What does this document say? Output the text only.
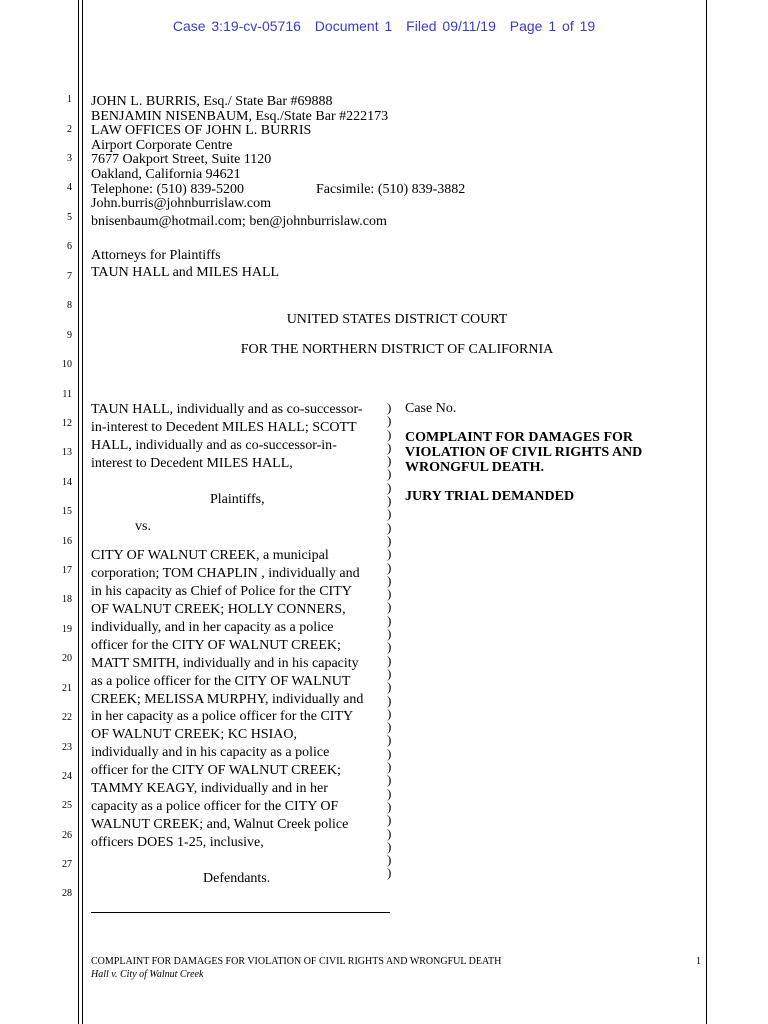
Case 3:19-cv-05716 Document 1 Filed 09/11/19 Page 1 of 19
1
2
3
4
5
6
7
8
9
10
11
12
13
14
15
16
17
18
19
20
21
22
23
24
25
26
27
28
JOHN L. BURRIS, Esq./ State Bar #69888
BENJAMIN NISENBAUM, Esq./State Bar #222173
LAW OFFICES OF JOHN L. BURRIS
Airport Corporate Centre
7677 Oakport Street, Suite 1120
Oakland, California 94621
Telephone: (510) 839-5200	Facsimile: (510) 839-3882
John.burris@johnburrislaw.com
bnisenbaum@hotmail.com; ben@johnburrislaw.com
Attorneys for Plaintiffs
TAUN HALL and MILES HALL
UNITED STATES DISTRICT COURT
FOR THE NORTHERN DISTRICT OF CALIFORNIA
TAUN HALL, individually and as co-successor-
in-interest to Decedent MILES HALL; SCOTT
HALL, individually and as co-successor-in-
interest to Decedent MILES HALL,
Plaintiffs,
vs.
CITY OF WALNUT CREEK, a municipal
corporation; TOM CHAPLIN , individually and
in his capacity as Chief of Police for the CITY
OF WALNUT CREEK; HOLLY CONNERS,
individually, and in her capacity as a police
officer for the CITY OF WALNUT CREEK;
MATT SMITH, individually and in his capacity
as a police officer for the CITY OF WALNUT
CREEK; MELISSA MURPHY, individually and
in her capacity as a police officer for the CITY
OF WALNUT CREEK; KC HSIAO,
individually and in his capacity as a police
officer for the CITY OF WALNUT CREEK;
TAMMY KEAGY, individually and in her
capacity as a police officer for the CITY OF
WALNUT CREEK; and, Walnut Creek police
officers DOES 1-25, inclusive,
Defendants.
)
)
)
)
)
)
)
)
)
)
)
)
)
)
)
)
)
)
)
)
)
)
)
)
)
)
)
)
)
)
)
)
)
)
)
)
Case No.
COMPLAINT FOR DAMAGES FOR
VIOLATION OF CIVIL RIGHTS AND
WRONGFUL DEATH.
JURY TRIAL DEMANDED
COMPLAINT FOR DAMAGES FOR VIOLATION OF CIVIL RIGHTS AND WRONGFUL DEATH
Hall v. City of Walnut Creek
1
